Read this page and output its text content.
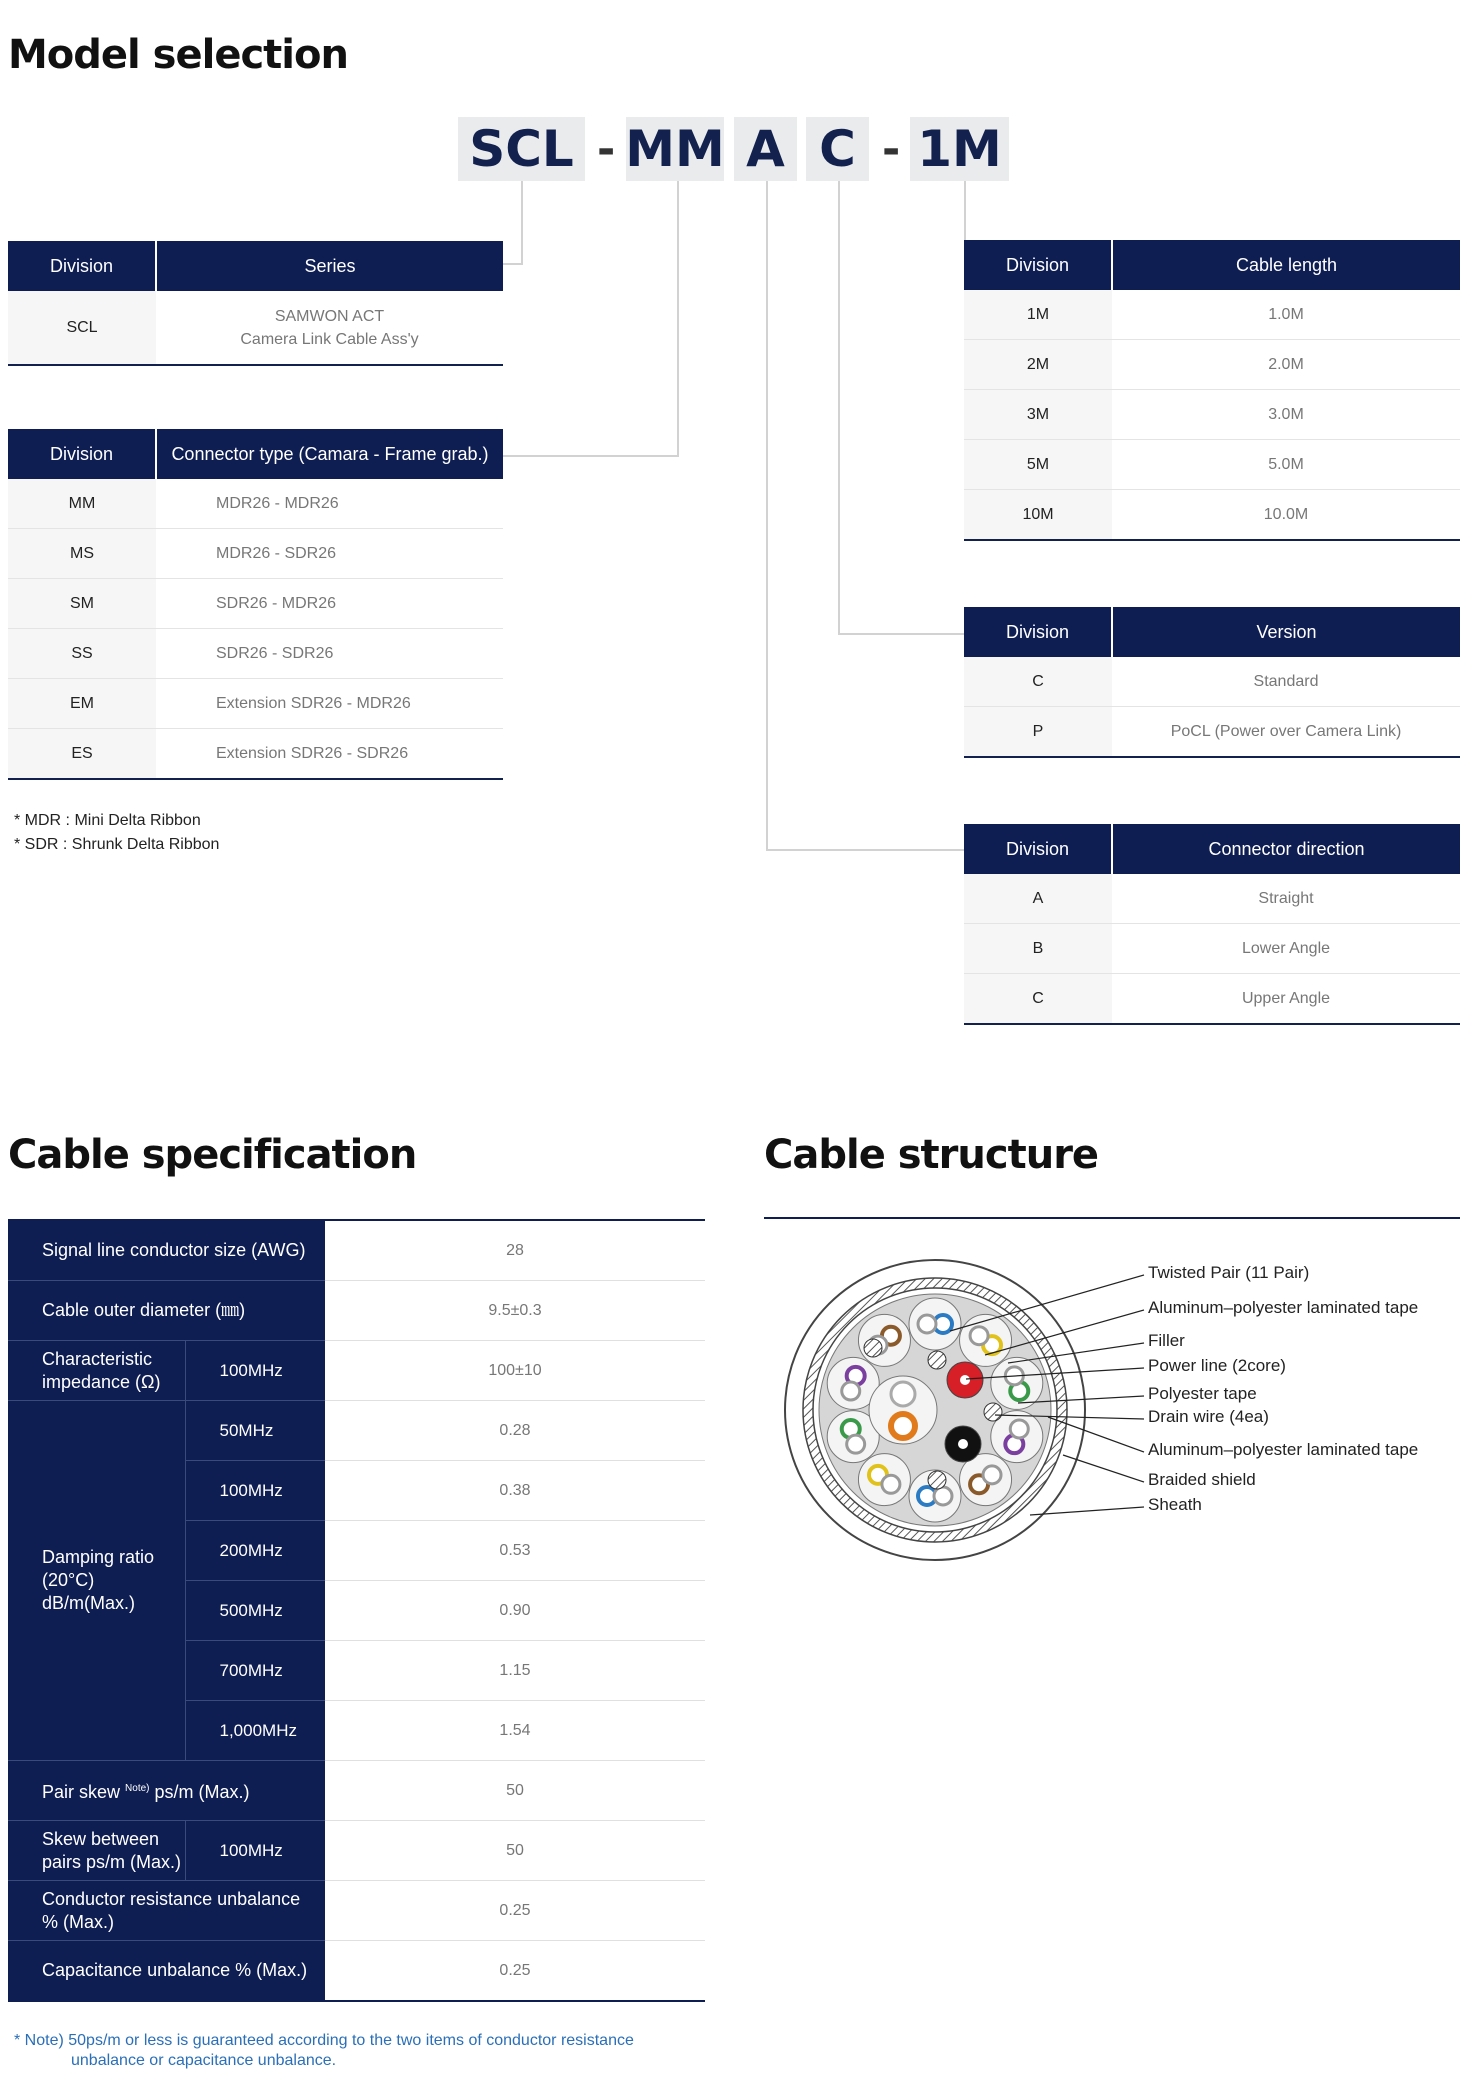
Model selection
SCL - MM A C - 1M
Division	Series
SCL	SAMWON ACT
Camera Link Cable Ass'y
Division	Connector type (Camara - Frame grab.)
MM	MDR26 - MDR26
MS	MDR26 - SDR26
SM	SDR26 - MDR26
SS	SDR26 - SDR26
EM	Extension SDR26 - MDR26
ES	Extension SDR26 - SDR26
* MDR : Mini Delta Ribbon
* SDR : Shrunk Delta Ribbon
Division	Cable length
1M	1.0M
2M	2.0M
3M	3.0M
5M	5.0M
10M	10.0M
Division	Version
C	Standard
P	PoCL (Power over Camera Link)
Division	Connector direction
A	Straight
B	Lower Angle
C	Upper Angle
Cable specification
Signal line conductor size (AWG)		28
Cable outer diameter (㎜)		9.5±0.3

Characteristic
impedance (Ω)	100MHz	100±10

Damping ratio
(20°C)
dB/m(Max.)	50MHz	0.28
	100MHz	0.38
	200MHz	0.53
	500MHz	0.90
	700MHz	1.15
	1,000MHz	1.54
Pair skew $^{Note)}$ ps/m (Max.)		50

Skew between
pairs ps/m (Max.)	100MHz	50

Conductor resistance unbalance
% (Max.)		0.25
Capacitance unbalance % (Max.)		0.25
* Note) 50ps/m or less is guaranteed according to the two items of conductor resistance
unbalance or capacitance unbalance.
Cable structure
Twisted Pair (11 Pair)
Aluminum–polyester laminated tape
Filler
Power line (2core)
Polyester tape
Drain wire (4ea)
Aluminum–polyester laminated tape
Braided shield
Sheath
